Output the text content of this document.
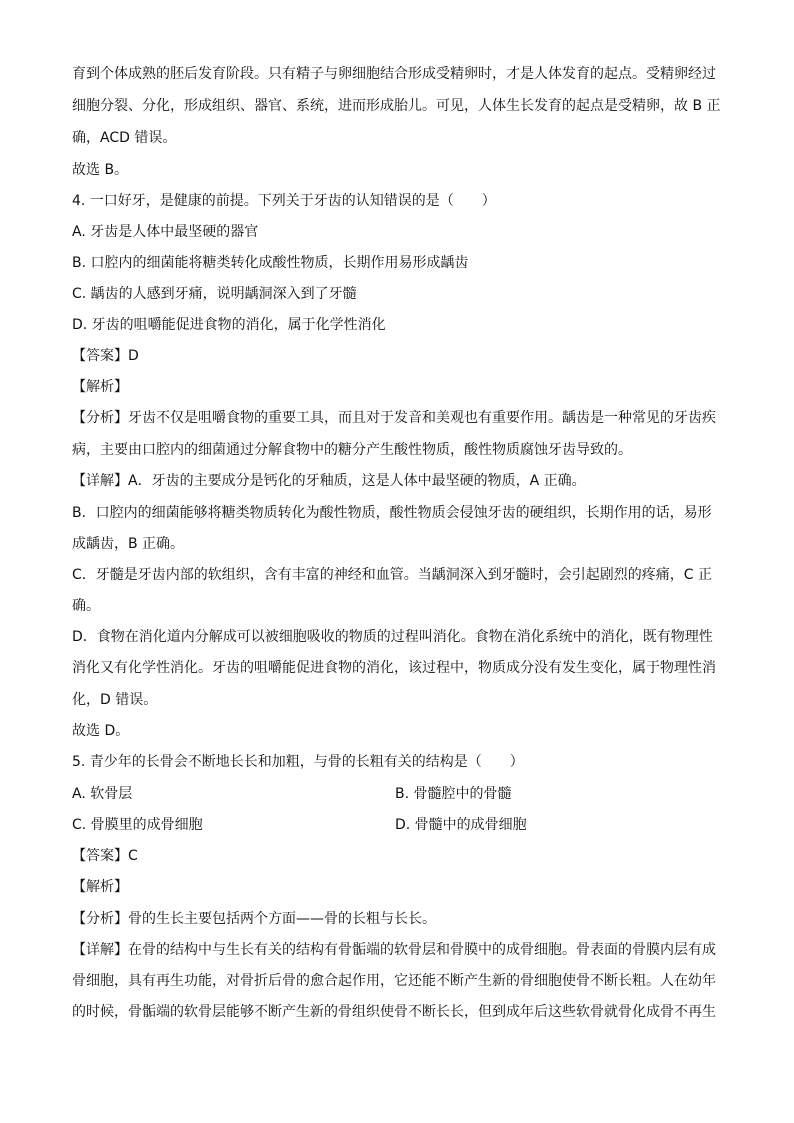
育到个体成熟的胚后发育阶段。只有精子与卵细胞结合形成受精卵时，才是人体发育的起点。受精卵经过
细胞分裂、分化，形成组织、器官、系统，进而形成胎儿。可见，人体生长发育的起点是受精卵，故 B 正
确，ACD 错误。
故选 B。
4. 一口好牙，是健康的前提。下列关于牙齿的认知错误的是（　　）
A. 牙齿是人体中最坚硬的器官
B. 口腔内的细菌能将糖类转化成酸性物质，长期作用易形成龋齿
C. 龋齿的人感到牙痛，说明龋洞深入到了牙髓
D. 牙齿的咀嚼能促进食物的消化，属于化学性消化
【答案】D
【解析】
【分析】牙齿不仅是咀嚼食物的重要工具，而且对于发音和美观也有重要作用。龋齿是一种常见的牙齿疾
病，主要由口腔内的细菌通过分解食物中的糖分产生酸性物质，酸性物质腐蚀牙齿导致的。
【详解】A．牙齿的主要成分是钙化的牙釉质，这是人体中最坚硬的物质，A 正确。
B．口腔内的细菌能够将糖类物质转化为酸性物质，酸性物质会侵蚀牙齿的硬组织，长期作用的话，易形
成龋齿，B 正确。
C．牙髓是牙齿内部的软组织，含有丰富的神经和血管。当龋洞深入到牙髓时，会引起剧烈的疼痛，C 正
确。
D．食物在消化道内分解成可以被细胞吸收的物质的过程叫消化。食物在消化系统中的消化，既有物理性
消化又有化学性消化。牙齿的咀嚼能促进食物的消化，该过程中，物质成分没有发生变化，属于物理性消
化，D 错误。
故选 D。
5. 青少年的长骨会不断地长长和加粗，与骨的长粗有关的结构是（　　）
A. 软骨层	B. 骨髓腔中的骨髓
C. 骨膜里的成骨细胞	D. 骨髓中的成骨细胞
【答案】C
【解析】
【分析】骨的生长主要包括两个方面——骨的长粗与长长。
【详解】在骨的结构中与生长有关的结构有骨骺端的软骨层和骨膜中的成骨细胞。骨表面的骨膜内层有成
骨细胞，具有再生功能，对骨折后骨的愈合起作用，它还能不断产生新的骨细胞使骨不断长粗。人在幼年
的时候，骨骺端的软骨层能够不断产生新的骨组织使骨不断长长，但到成年后这些软骨就骨化成骨不再生
